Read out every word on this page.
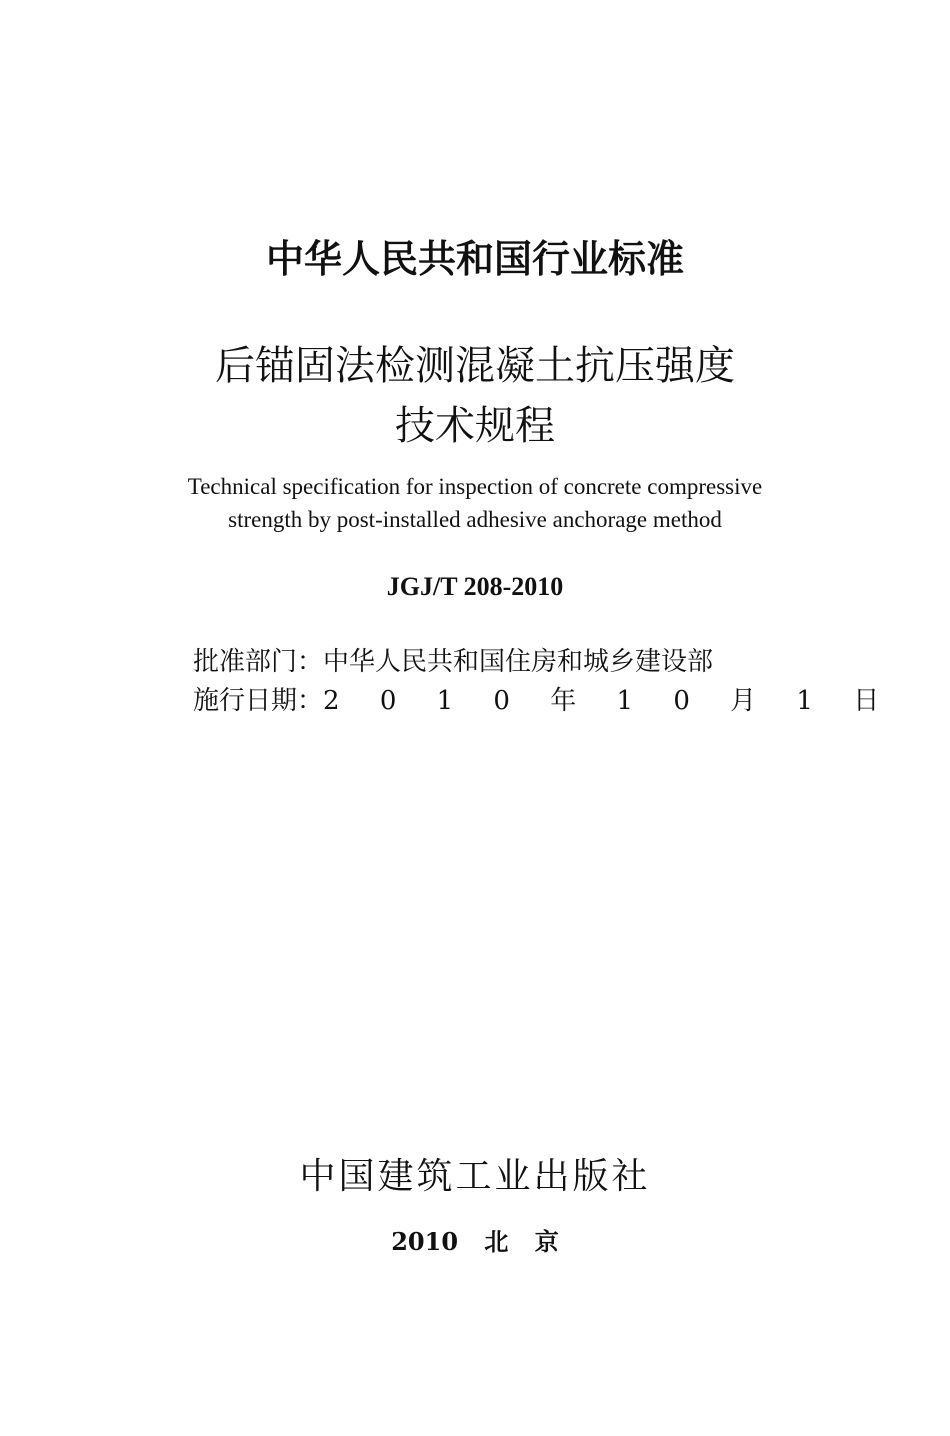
中华人民共和国行业标准
后锚固法检测混凝土抗压强度
技术规程
Technical specification for inspection of concrete compressive
strength by post-installed adhesive anchorage method
JGJ/T 208-2010
批准部门：中华人民共和国住房和城乡建设部
施行日期：2 0 1 0 年 1 0 月 1 日
中国建筑工业出版社
2010 北 京
